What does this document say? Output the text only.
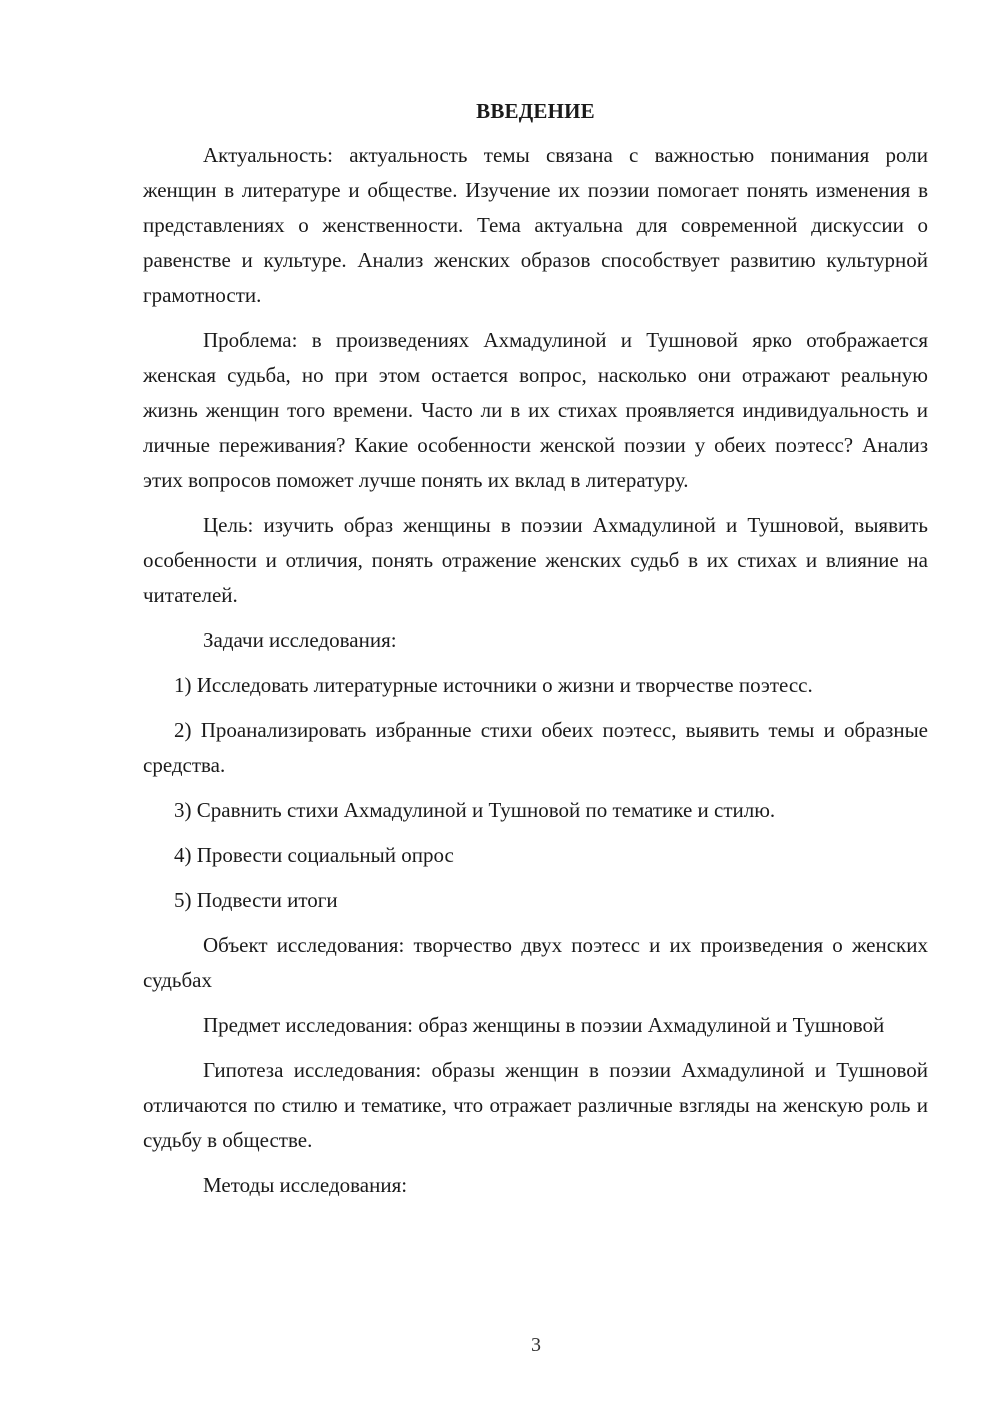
ВВЕДЕНИЕ

Актуальность: актуальность темы связана с важностью понимания роли женщин в литературе и обществе. Изучение их поэзии помогает понять изменения в представлениях о женственности. Тема актуальна для современной дискуссии о равенстве и культуре. Анализ женских образов способствует развитию культурной грамотности.

Проблема: в произведениях Ахмадулиной и Тушновой ярко отображается женская судьба, но при этом остается вопрос, насколько они отражают реальную жизнь женщин того времени. Часто ли в их стихах проявляется индивидуальность и личные переживания? Какие особенности женской поэзии у обеих поэтесс? Анализ этих вопросов поможет лучше понять их вклад в литературу.

Цель: изучить образ женщины в поэзии Ахмадулиной и Тушновой, выявить особенности и отличия, понять отражение женских судьб в их стихах и влияние на читателей.

Задачи исследования:

1) Исследовать литературные источники о жизни и творчестве поэтесс.

2) Проанализировать избранные стихи обеих поэтесс, выявить темы и образные средства.

3) Сравнить стихи Ахмадулиной и Тушновой по тематике и стилю.

4) Провести социальный опрос

5) Подвести итоги

Объект исследования: творчество двух поэтесс и их произведения о женских судьбах

Предмет исследования: образ женщины в поэзии Ахмадулиной и Тушновой

Гипотеза исследования: образы женщин в поэзии Ахмадулиной и Тушновой отличаются по стилю и тематике, что отражает различные взгляды на женскую роль и судьбу в обществе.

Методы исследования:

3
